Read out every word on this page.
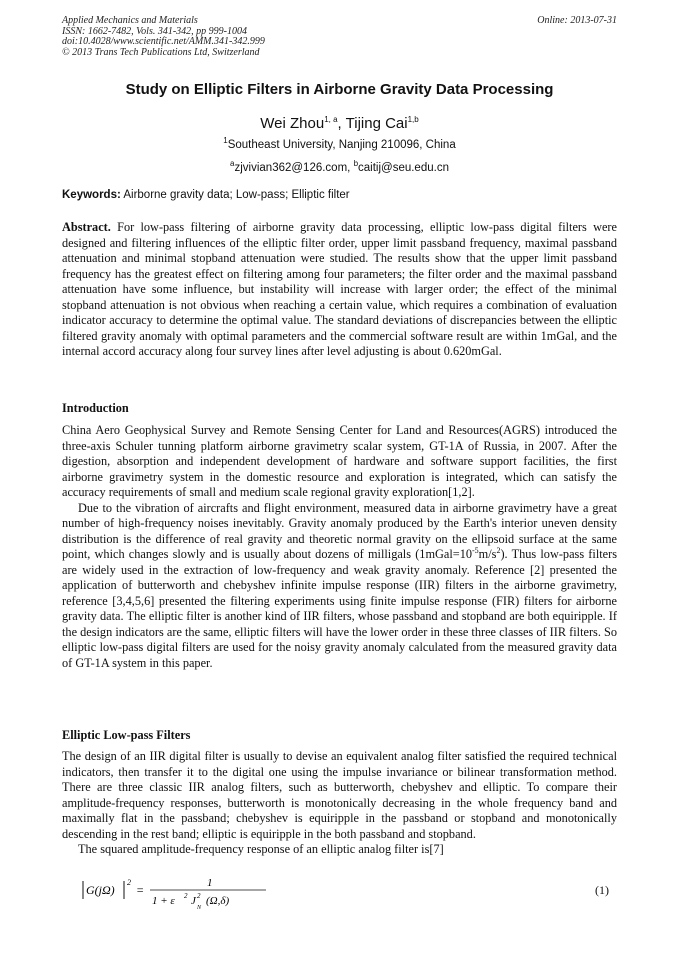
Applied Mechanics and Materials
ISSN: 1662-7482, Vols. 341-342, pp 999-1004
doi:10.4028/www.scientific.net/AMM.341-342.999
© 2013 Trans Tech Publications Ltd, Switzerland
Online: 2013-07-31
Study on Elliptic Filters in Airborne Gravity Data Processing
Wei Zhou$^{1, a}$, Tijing Cai$^{1,b}$
$^1$Southeast University, Nanjing 210096, China
$^a$zjvivian362@126.com, $^b$caitij@seu.edu.cn
Keywords: Airborne gravity data; Low-pass; Elliptic filter

Abstract. For low-pass filtering of airborne gravity data processing, elliptic low-pass digital filters were designed and filtering influences of the elliptic filter order, upper limit passband frequency, maximal passband attenuation and minimal stopband attenuation were studied. The results show that the upper limit passband frequency has the greatest effect on filtering among four parameters; the filter order and the maximal passband attenuation have some influence, but instability will increase with larger order; the effect of the minimal stopband attenuation is not obvious when reaching a certain value, which requires a combination of evaluation indicator accuracy to determine the optimal value. The standard deviations of discrepancies between the elliptic filtered gravity anomaly with optimal parameters and the commercial software result are within 1mGal, and the internal accord accuracy along four survey lines after level adjusting is about 0.620mGal.

Introduction

China Aero Geophysical Survey and Remote Sensing Center for Land and Resources(AGRS) introduced the three-axis Schuler tunning platform airborne gravimetry scalar system, GT-1A of Russia, in 2007. After the digestion, absorption and independent development of hardware and software support facilities, the first airborne gravimetry system in the domestic resource and exploration is integrated, which can satisfy the accuracy requirements of small and medium scale regional gravity exploration[1,2].

Due to the vibration of aircrafts and flight environment, measured data in airborne gravimetry have a great number of high-frequency noises inevitably. Gravity anomaly produced by the Earth's interior uneven density distribution is the difference of real gravity and theoretic normal gravity on the ellipsoid surface at the same point, which changes slowly and is usually about dozens of milligals $(1mGal=10^{-5}m/s^2)$. Thus low-pass filters are widely used in the extraction of low-frequency and weak gravity anomaly. Reference [2] presented the application of butterworth and chebyshev infinite impulse response (IIR) filters in the airborne gravimetry, reference [3,4,5,6] presented the filtering experiments using finite impulse response (FIR) filters for airborne gravity data. The elliptic filter is another kind of IIR filters, whose passband and stopband are both equiripple. If the design indicators are the same, elliptic filters will have the lower order in these three classes of IIR filters. So elliptic low-pass digital filters are used for the noisy gravity anomaly calculated from the measured gravity data of GT-1A system in this paper.

Elliptic Low-pass Filters

The design of an IIR digital filter is usually to devise an equivalent analog filter satisfied the required technical indicators, then transfer it to the digital one using the impulse invariance or bilinear transformation method. There are three classic IIR analog filters, such as butterworth, chebyshev and elliptic. To compare their amplitude-frequency responses, butterworth is monotonically decreasing in the whole frequency band and maximally flat in the passband; chebyshev is equiripple in the passband or stopband and monotonically descending in the rest band; elliptic is equiripple in the both passband and stopband.

The squared amplitude-frequency response of an elliptic analog filter is[7]

G(jΩ)
2
=	1
1 + ε 2 J 2
N
(Ω,δ)
(1)
